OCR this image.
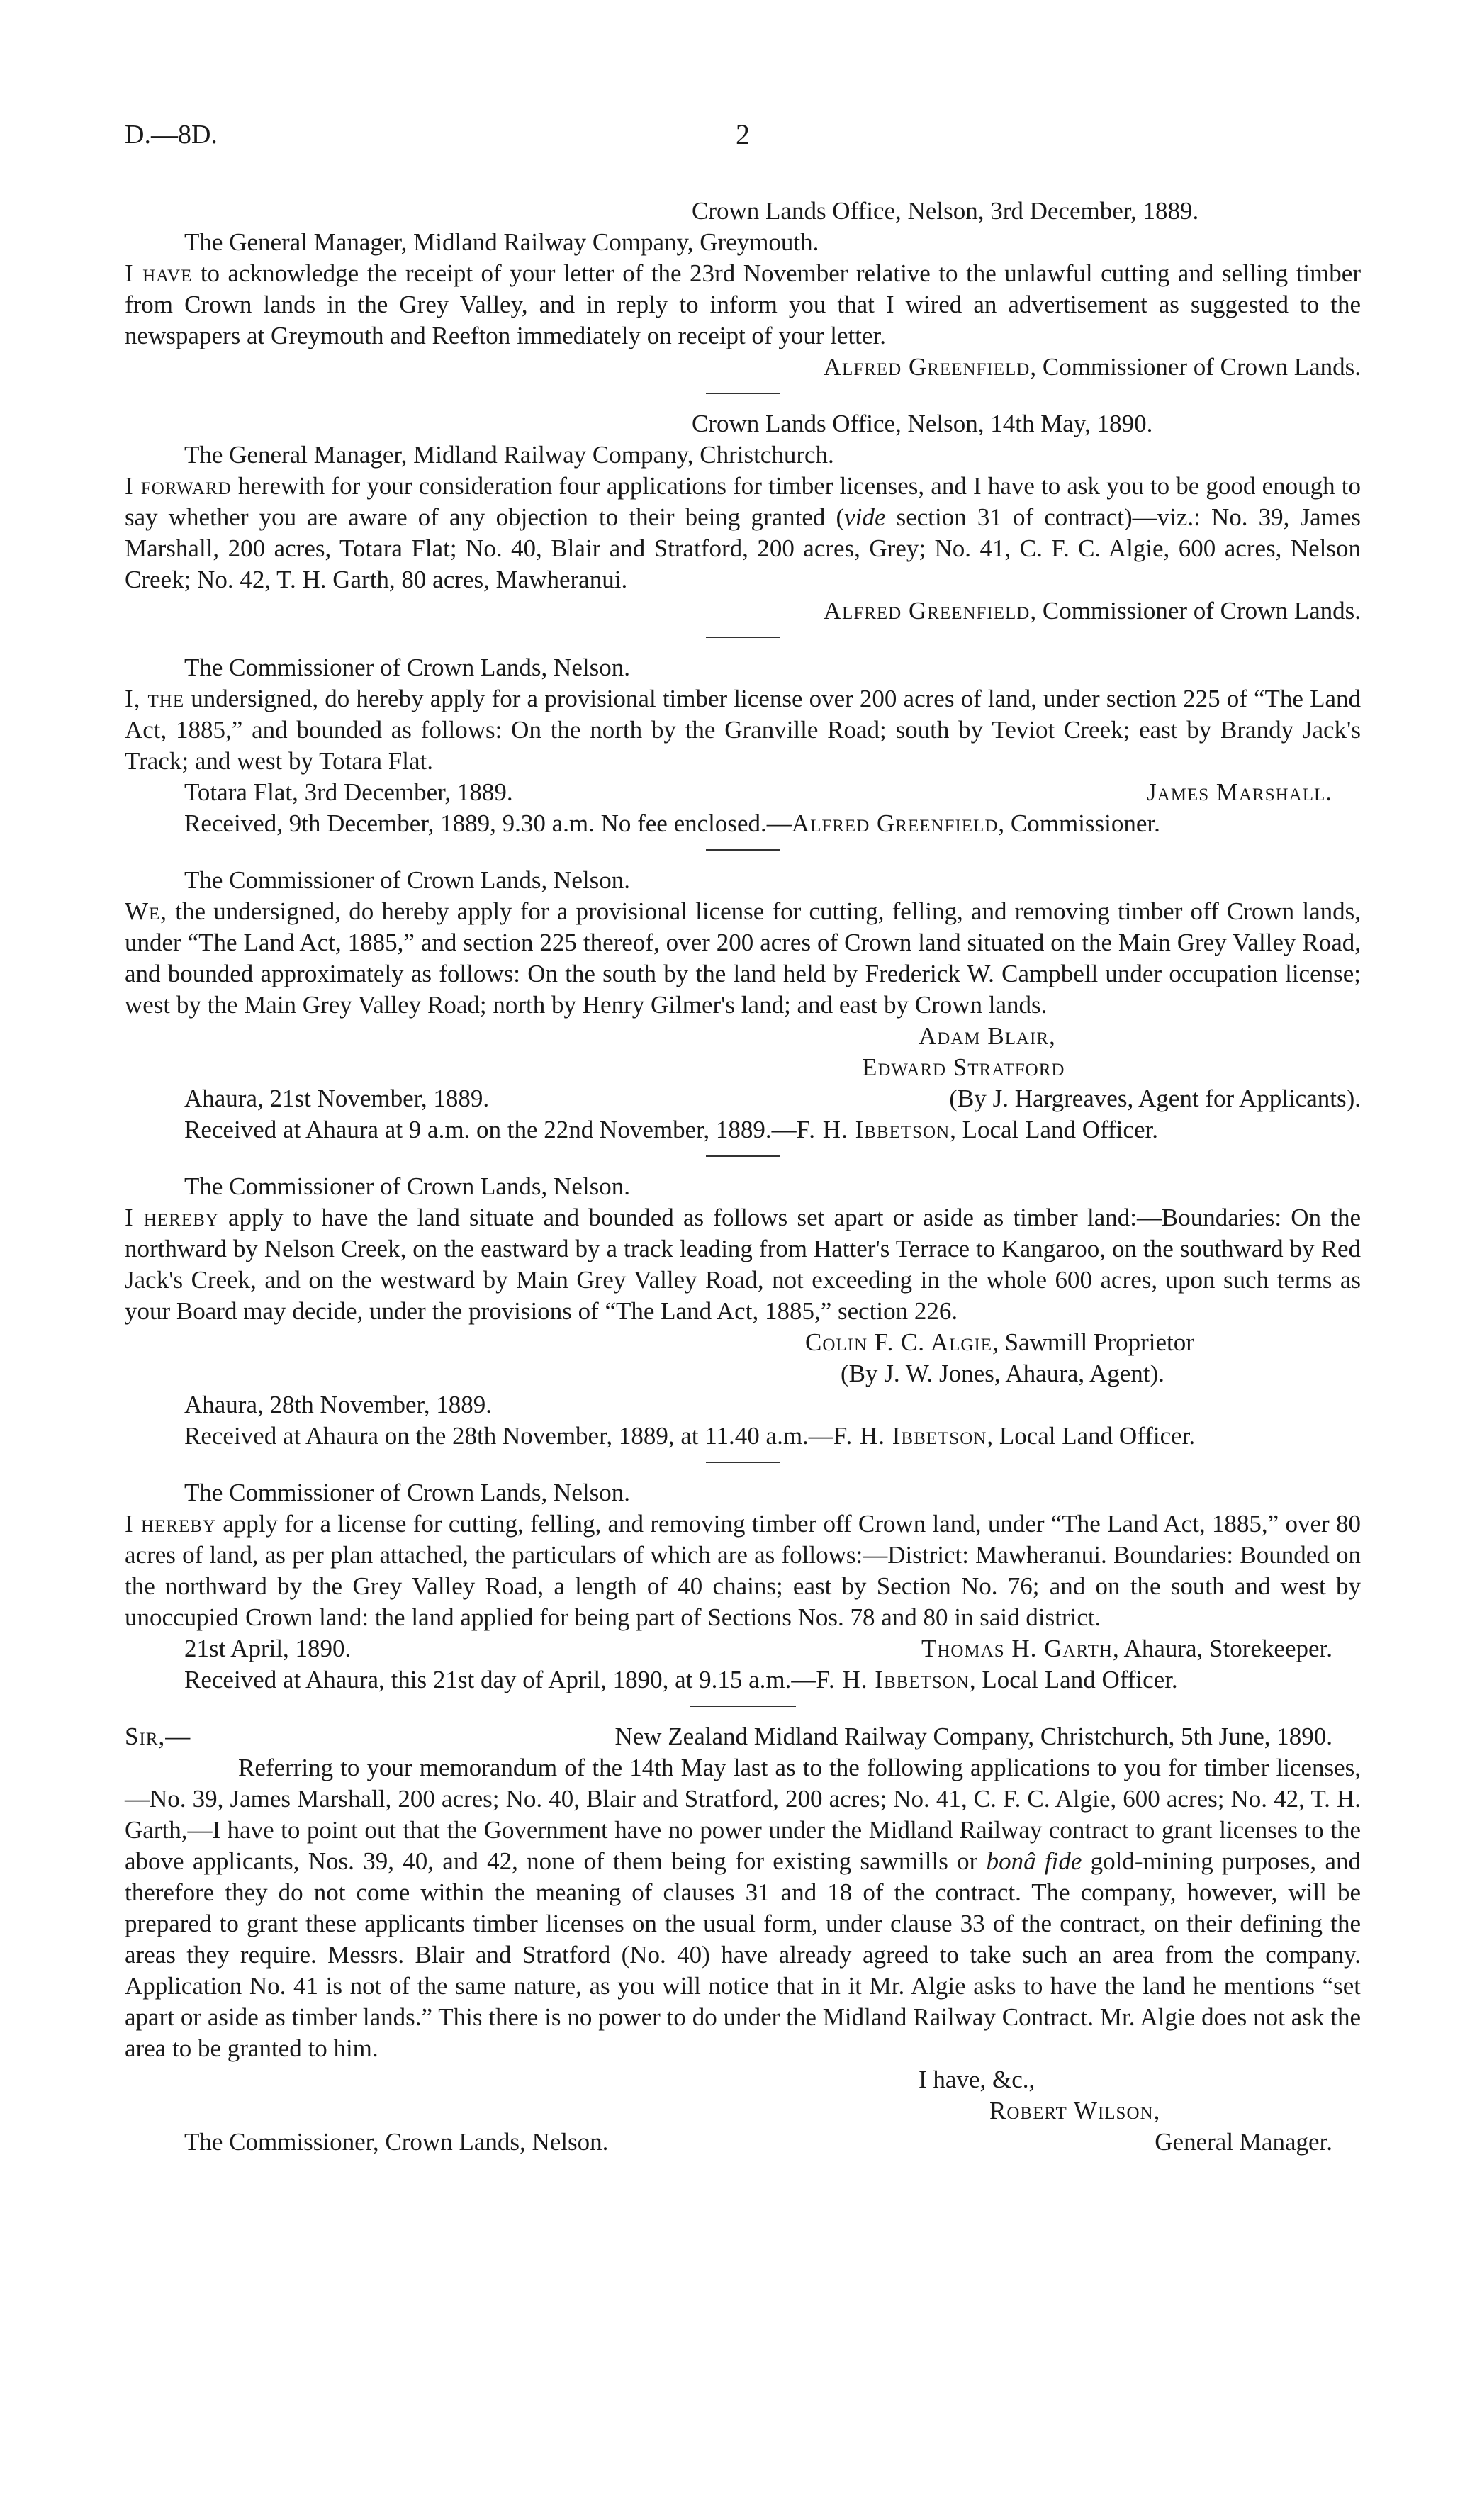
D.—8D.	2

Crown Lands Office, Nelson, 3rd December, 1889.

The General Manager, Midland Railway Company, Greymouth.

I have to acknowledge the receipt of your letter of the 23rd November relative to the unlawful cutting and selling timber from Crown lands in the Grey Valley, and in reply to inform you that I wired an advertisement as suggested to the newspapers at Greymouth and Reefton immediately on receipt of your letter.

Alfred Greenfield, Commissioner of Crown Lands.

Crown Lands Office, Nelson, 14th May, 1890.

The General Manager, Midland Railway Company, Christchurch.

I forward herewith for your consideration four applications for timber licenses, and I have to ask you to be good enough to say whether you are aware of any objection to their being granted (vide section 31 of contract)—viz.: No. 39, James Marshall, 200 acres, Totara Flat; No. 40, Blair and Stratford, 200 acres, Grey; No. 41, C. F. C. Algie, 600 acres, Nelson Creek; No. 42, T. H. Garth, 80 acres, Mawheranui.

Alfred Greenfield, Commissioner of Crown Lands.

The Commissioner of Crown Lands, Nelson.

I, the undersigned, do hereby apply for a provisional timber license over 200 acres of land, under section 225 of “The Land Act, 1885,” and bounded as follows: On the north by the Granville Road; south by Teviot Creek; east by Brandy Jack's Track; and west by Totara Flat.

Totara Flat, 3rd December, 1889.	James Marshall.

Received, 9th December, 1889, 9.30 a.m. No fee enclosed.—Alfred Greenfield, Commissioner.

The Commissioner of Crown Lands, Nelson.

We, the undersigned, do hereby apply for a provisional license for cutting, felling, and removing timber off Crown lands, under “The Land Act, 1885,” and section 225 thereof, over 200 acres of Crown land situated on the Main Grey Valley Road, and bounded approximately as follows: On the south by the land held by Frederick W. Campbell under occupation license; west by the Main Grey Valley Road; north by Henry Gilmer's land; and east by Crown lands.

Adam Blair,

Edward Stratford

Ahaura, 21st November, 1889.	(By J. Hargreaves, Agent for Applicants).

Received at Ahaura at 9 a.m. on the 22nd November, 1889.—F. H. Ibbetson, Local Land Officer.

The Commissioner of Crown Lands, Nelson.

I hereby apply to have the land situate and bounded as follows set apart or aside as timber land:—Boundaries: On the northward by Nelson Creek, on the eastward by a track leading from Hatter's Terrace to Kangaroo, on the southward by Red Jack's Creek, and on the westward by Main Grey Valley Road, not exceeding in the whole 600 acres, upon such terms as your Board may decide, under the provisions of “The Land Act, 1885,” section 226.

Colin F. C. Algie, Sawmill Proprietor

(By J. W. Jones, Ahaura, Agent).

Ahaura, 28th November, 1889.

Received at Ahaura on the 28th November, 1889, at 11.40 a.m.—F. H. Ibbetson, Local Land Officer.

The Commissioner of Crown Lands, Nelson.

I hereby apply for a license for cutting, felling, and removing timber off Crown land, under “The Land Act, 1885,” over 80 acres of land, as per plan attached, the particulars of which are as follows:—District: Mawheranui. Boundaries: Bounded on the northward by the Grey Valley Road, a length of 40 chains; east by Section No. 76; and on the south and west by unoccupied Crown land: the land applied for being part of Sections Nos. 78 and 80 in said district.

21st April, 1890.	Thomas H. Garth, Ahaura, Storekeeper.

Received at Ahaura, this 21st day of April, 1890, at 9.15 a.m.—F. H. Ibbetson, Local Land Officer.

Sir,—	New Zealand Midland Railway Company, Christchurch, 5th June, 1890.

Referring to your memorandum of the 14th May last as to the following applications to you for timber licenses,—No. 39, James Marshall, 200 acres; No. 40, Blair and Stratford, 200 acres; No. 41, C. F. C. Algie, 600 acres; No. 42, T. H. Garth,—I have to point out that the Government have no power under the Midland Railway contract to grant licenses to the above applicants, Nos. 39, 40, and 42, none of them being for existing sawmills or bonâ fide gold-mining purposes, and therefore they do not come within the meaning of clauses 31 and 18 of the contract. The company, however, will be prepared to grant these applicants timber licenses on the usual form, under clause 33 of the contract, on their defining the areas they require. Messrs. Blair and Stratford (No. 40) have already agreed to take such an area from the company. Application No. 41 is not of the same nature, as you will notice that in it Mr. Algie asks to have the land he mentions “set apart or aside as timber lands.” This there is no power to do under the Midland Railway Contract. Mr. Algie does not ask the area to be granted to him.

I have, &c.,

Robert Wilson,

The Commissioner, Crown Lands, Nelson.	General Manager.
